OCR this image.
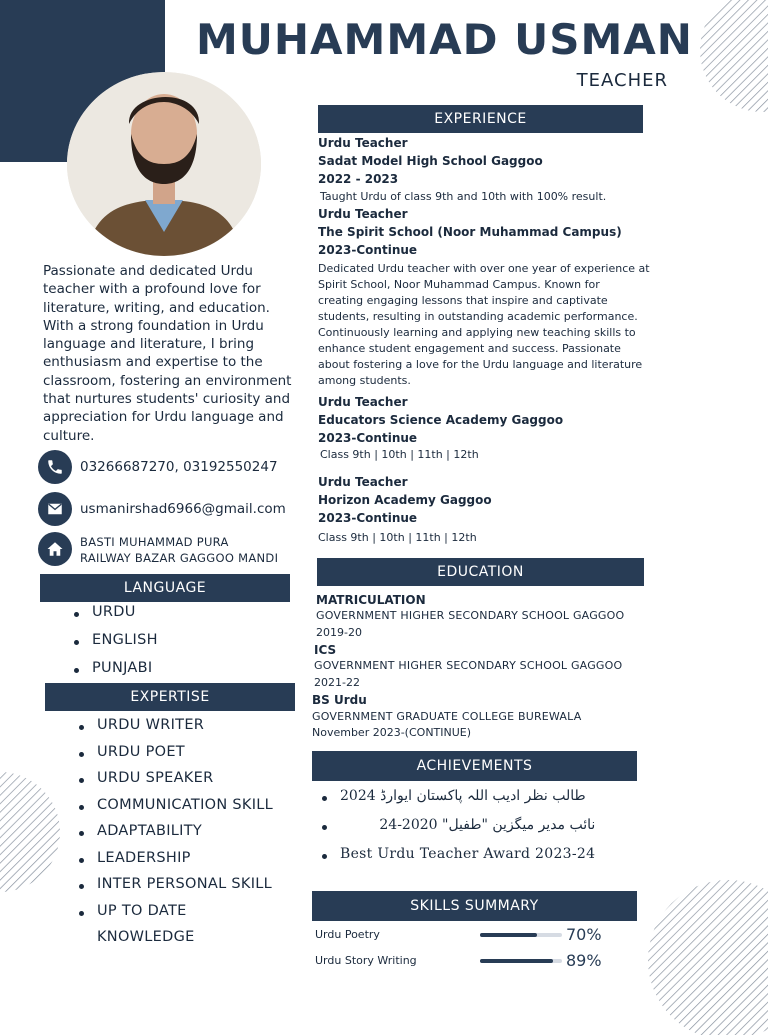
MUHAMMAD USMAN
TEACHER
Passionate and dedicated Urdu teacher with a profound love for literature, writing, and education. With a strong foundation in Urdu language and literature, I bring enthusiasm and expertise to the classroom, fostering an environment that nurtures students' curiosity and appreciation for Urdu language and culture.
03266687270, 03192550247
usmanirshad6966@gmail.com
BASTI MUHAMMAD PURA
RAILWAY BAZAR GAGGOO MANDI
LANGUAGE
URDU
ENGLISH
PUNJABI
EXPERTISE
URDU WRITER
URDU POET
URDU SPEAKER
COMMUNICATION SKILL
ADAPTABILITY
LEADERSHIP
INTER PERSONAL SKILL
UP TO DATE
KNOWLEDGE
EXPERIENCE
Urdu Teacher
Sadat Model High School Gaggoo
2022 - 2023
Taught Urdu of class 9th and 10th with 100% result.
Urdu Teacher
The Spirit School (Noor Muhammad Campus)
2023-Continue
Dedicated Urdu teacher with over one year of experience at
Spirit School, Noor Muhammad Campus. Known for
creating engaging lessons that inspire and captivate
students, resulting in outstanding academic performance.
Continuously learning and applying new teaching skills to
enhance student engagement and success. Passionate
about fostering a love for the Urdu language and literature
among students.
Urdu Teacher
Educators Science Academy Gaggoo
2023-Continue
Class 9th | 10th | 11th | 12th
Urdu Teacher
Horizon Academy Gaggoo
2023-Continue
Class 9th | 10th | 11th | 12th
EDUCATION
MATRICULATION
GOVERNMENT HIGHER SECONDARY SCHOOL GAGGOO
2019-20
ICS
GOVERNMENT HIGHER SECONDARY SCHOOL GAGGOO
2021-22
BS Urdu
GOVERNMENT GRADUATE COLLEGE BUREWALA
November 2023-(CONTINUE)
ACHIEVEMENTS
طالب نظر ادیب اللہ پاکستان ایوارڈ 2024
نائب مدیر میگزین "طفیل" 2020-24
Best Urdu Teacher Award 2023-24
SKILLS SUMMARY
Urdu Poetry	70%
Urdu Story Writing	89%
